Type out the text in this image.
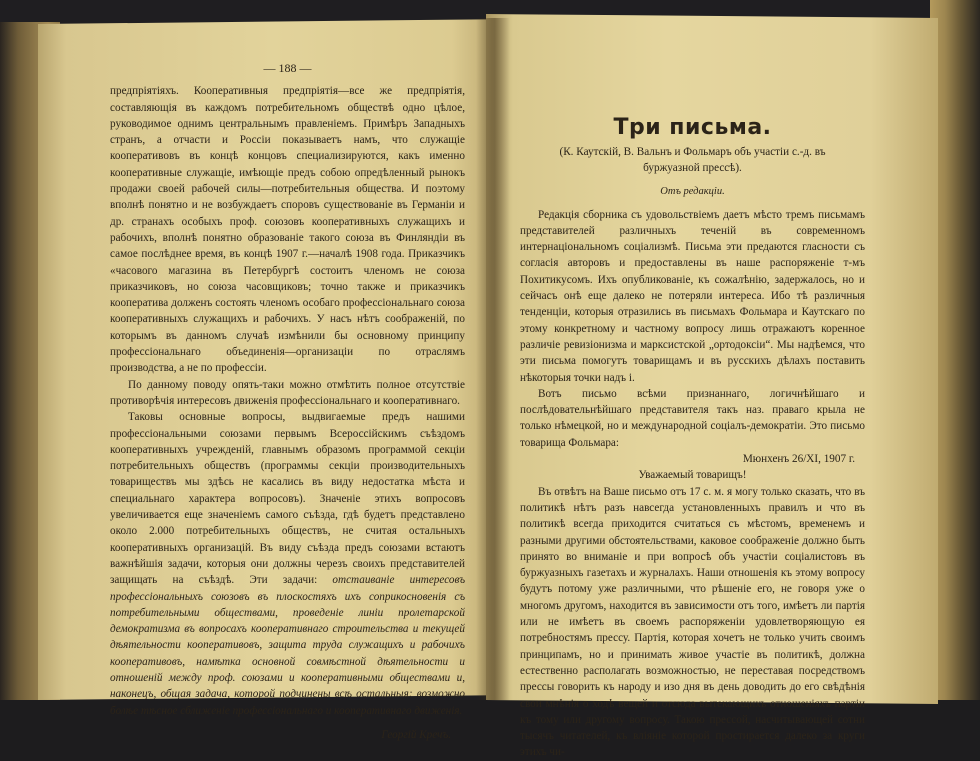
— 188 —

предпріятіяхъ. Кооперативныя предпріятія—все же предпріятія, составляющія въ каждомъ потребительномъ обществѣ одно цѣлое, руководимое однимъ центральнымъ правленіемъ. Примѣръ Западныхъ странъ, а отчасти и Россіи показываетъ намъ, что служащіе кооперативовъ въ концѣ концовъ специализируются, какъ именно кооперативные служащіе, имѣющіе предъ собою опредѣленный рынокъ продажи своей рабочей силы—потребительныя общества. И поэтому вполнѣ понятно и не возбуждаетъ споровъ существованіе въ Германіи и др. странахъ особыхъ проф. союзовъ кооперативныхъ служащихъ и рабочихъ, вполнѣ понятно образованіе такого союза въ Финляндіи въ самое послѣднее время, въ концѣ 1907 г.—началѣ 1908 года. Приказчикъ «часового магазина въ Петербургѣ состоитъ членомъ не союза приказчиковъ, но союза часовщиковъ; точно также и приказчикъ кооператива долженъ состоять членомъ особаго профессіональнаго союза кооперативныхъ служащихъ и рабочихъ. У насъ нѣтъ соображеній, по которымъ въ данномъ случаѣ измѣнили бы основному принципу профессіональнаго объединенія—организаціи по отраслямъ производства, а не по профессіи.

По данному поводу опять-таки можно отмѣтить полное отсутствіе противорѣчія интересовъ движенія профессіональнаго и кооперативнаго.

Таковы основные вопросы, выдвигаемые предъ нашими профессіональными союзами первымъ Всероссійскимъ съѣздомъ кооперативныхъ учрежденій, главнымъ образомъ программой секціи потребительныхъ обществъ (программы секціи производительныхъ товариществъ мы здѣсь не касались въ виду недостатка мѣста и специальнаго характера вопросовъ). Значеніе этихъ вопросовъ увеличивается еще значеніемъ самого съѣзда, гдѣ будетъ представлено около 2.000 потребительныхъ обществъ, не считая остальныхъ кооперативныхъ организацій. Въ виду съѣзда предъ союзами встаютъ важнѣйшія задачи, которыя они должны черезъ своихъ представителей защищать на съѣздѣ. Эти задачи: отстаиваніе интересовъ профессіональныхъ союзовъ въ плоскостяхъ ихъ соприкосновенія съ потребительными обществами, проведеніе линіи пролетарской демократизма въ вопросахъ кооперативнаго строительства и текущей дѣятельности кооперативовъ, защита труда служащихъ и рабочихъ кооперативовъ, намѣтка основной совмѣстной дѣятельности и отношеній между проф. союзами и кооперативными обществами и, наконецъ, общая задача, которой подчинены всѣ остальныя: возможно болѣе тѣсное сближеніе профессіональнаго и кооперативнаго движенія.

Георгій Кречъ.

Три письма.
(К. Каутскій, В. Вальнъ и Фольмаръ объ участіи с.-д. въ буржуазной прессѣ).
Отъ редакціи.

Редакція сборника съ удовольствіемъ даетъ мѣсто тремъ письмамъ представителей различныхъ теченій въ современномъ интернаціональномъ соціализмѣ. Письма эти предаются гласности съ согласія авторовъ и предоставлены въ наше распоряженіе т-мъ Похитикусомъ. Ихъ опубликованіе, къ сожалѣнію, задержалось, но и сейчасъ онѣ еще далеко не потеряли интереса. Ибо тѣ различныя тенденціи, которыя отразились въ письмахъ Фольмара и Каутскаго по этому конкретному и частному вопросу лишь отражаютъ коренное различіе ревизіонизма и марксистской „ортодоксіи“. Мы надѣемся, что эти письма помогутъ товарищамъ и въ русскихъ дѣлахъ поставить нѣкоторыя точки надъ і.

Вотъ письмо всѣми признаннаго, логичнѣйшаго и послѣдовательнѣйшаго представителя такъ наз. праваго крыла не только нѣмецкой, но и международной соціалъ-демократіи. Это письмо товарища Фольмара:

Мюнхенъ 26/XI, 1907 г.

Уважаемый товарищъ!

Въ отвѣтъ на Ваше письмо отъ 17 с. м. я могу только сказать, что въ политикѣ нѣтъ разъ навсегда установленныхъ правилъ и что въ политикѣ всегда приходится считаться съ мѣстомъ, временемъ и разными другими обстоятельствами, каковое соображеніе должно быть принято во вниманіе и при вопросѣ объ участіи соціалистовъ въ буржуазныхъ газетахъ и журналахъ. Наши отношенія къ этому вопросу будутъ потому уже различными, что рѣшеніе его, не говоря уже о многомъ другомъ, находится въ зависимости отъ того, имѣетъ ли партія или не имѣетъ въ своемъ распоряженіи удовлетворяющую ея потребностямъ прессу. Партія, которая хочетъ не только учить своимъ принципамъ, но и принимать живое участіе въ политикѣ, должна естественно располагать возможностью, не переставая посредствомъ прессы говорить къ народу и изо дня въ день доводить до его свѣдѣнія свои мнѣнія о ходѣ вещей и отсюда вытекающихъ отношеніяхъ партіи къ тому или другому вопросу. Такою прессой, насчитывающей сотни тысячъ читателей, къ вліяніе которой простирается далеко за круги этихъ чи-
